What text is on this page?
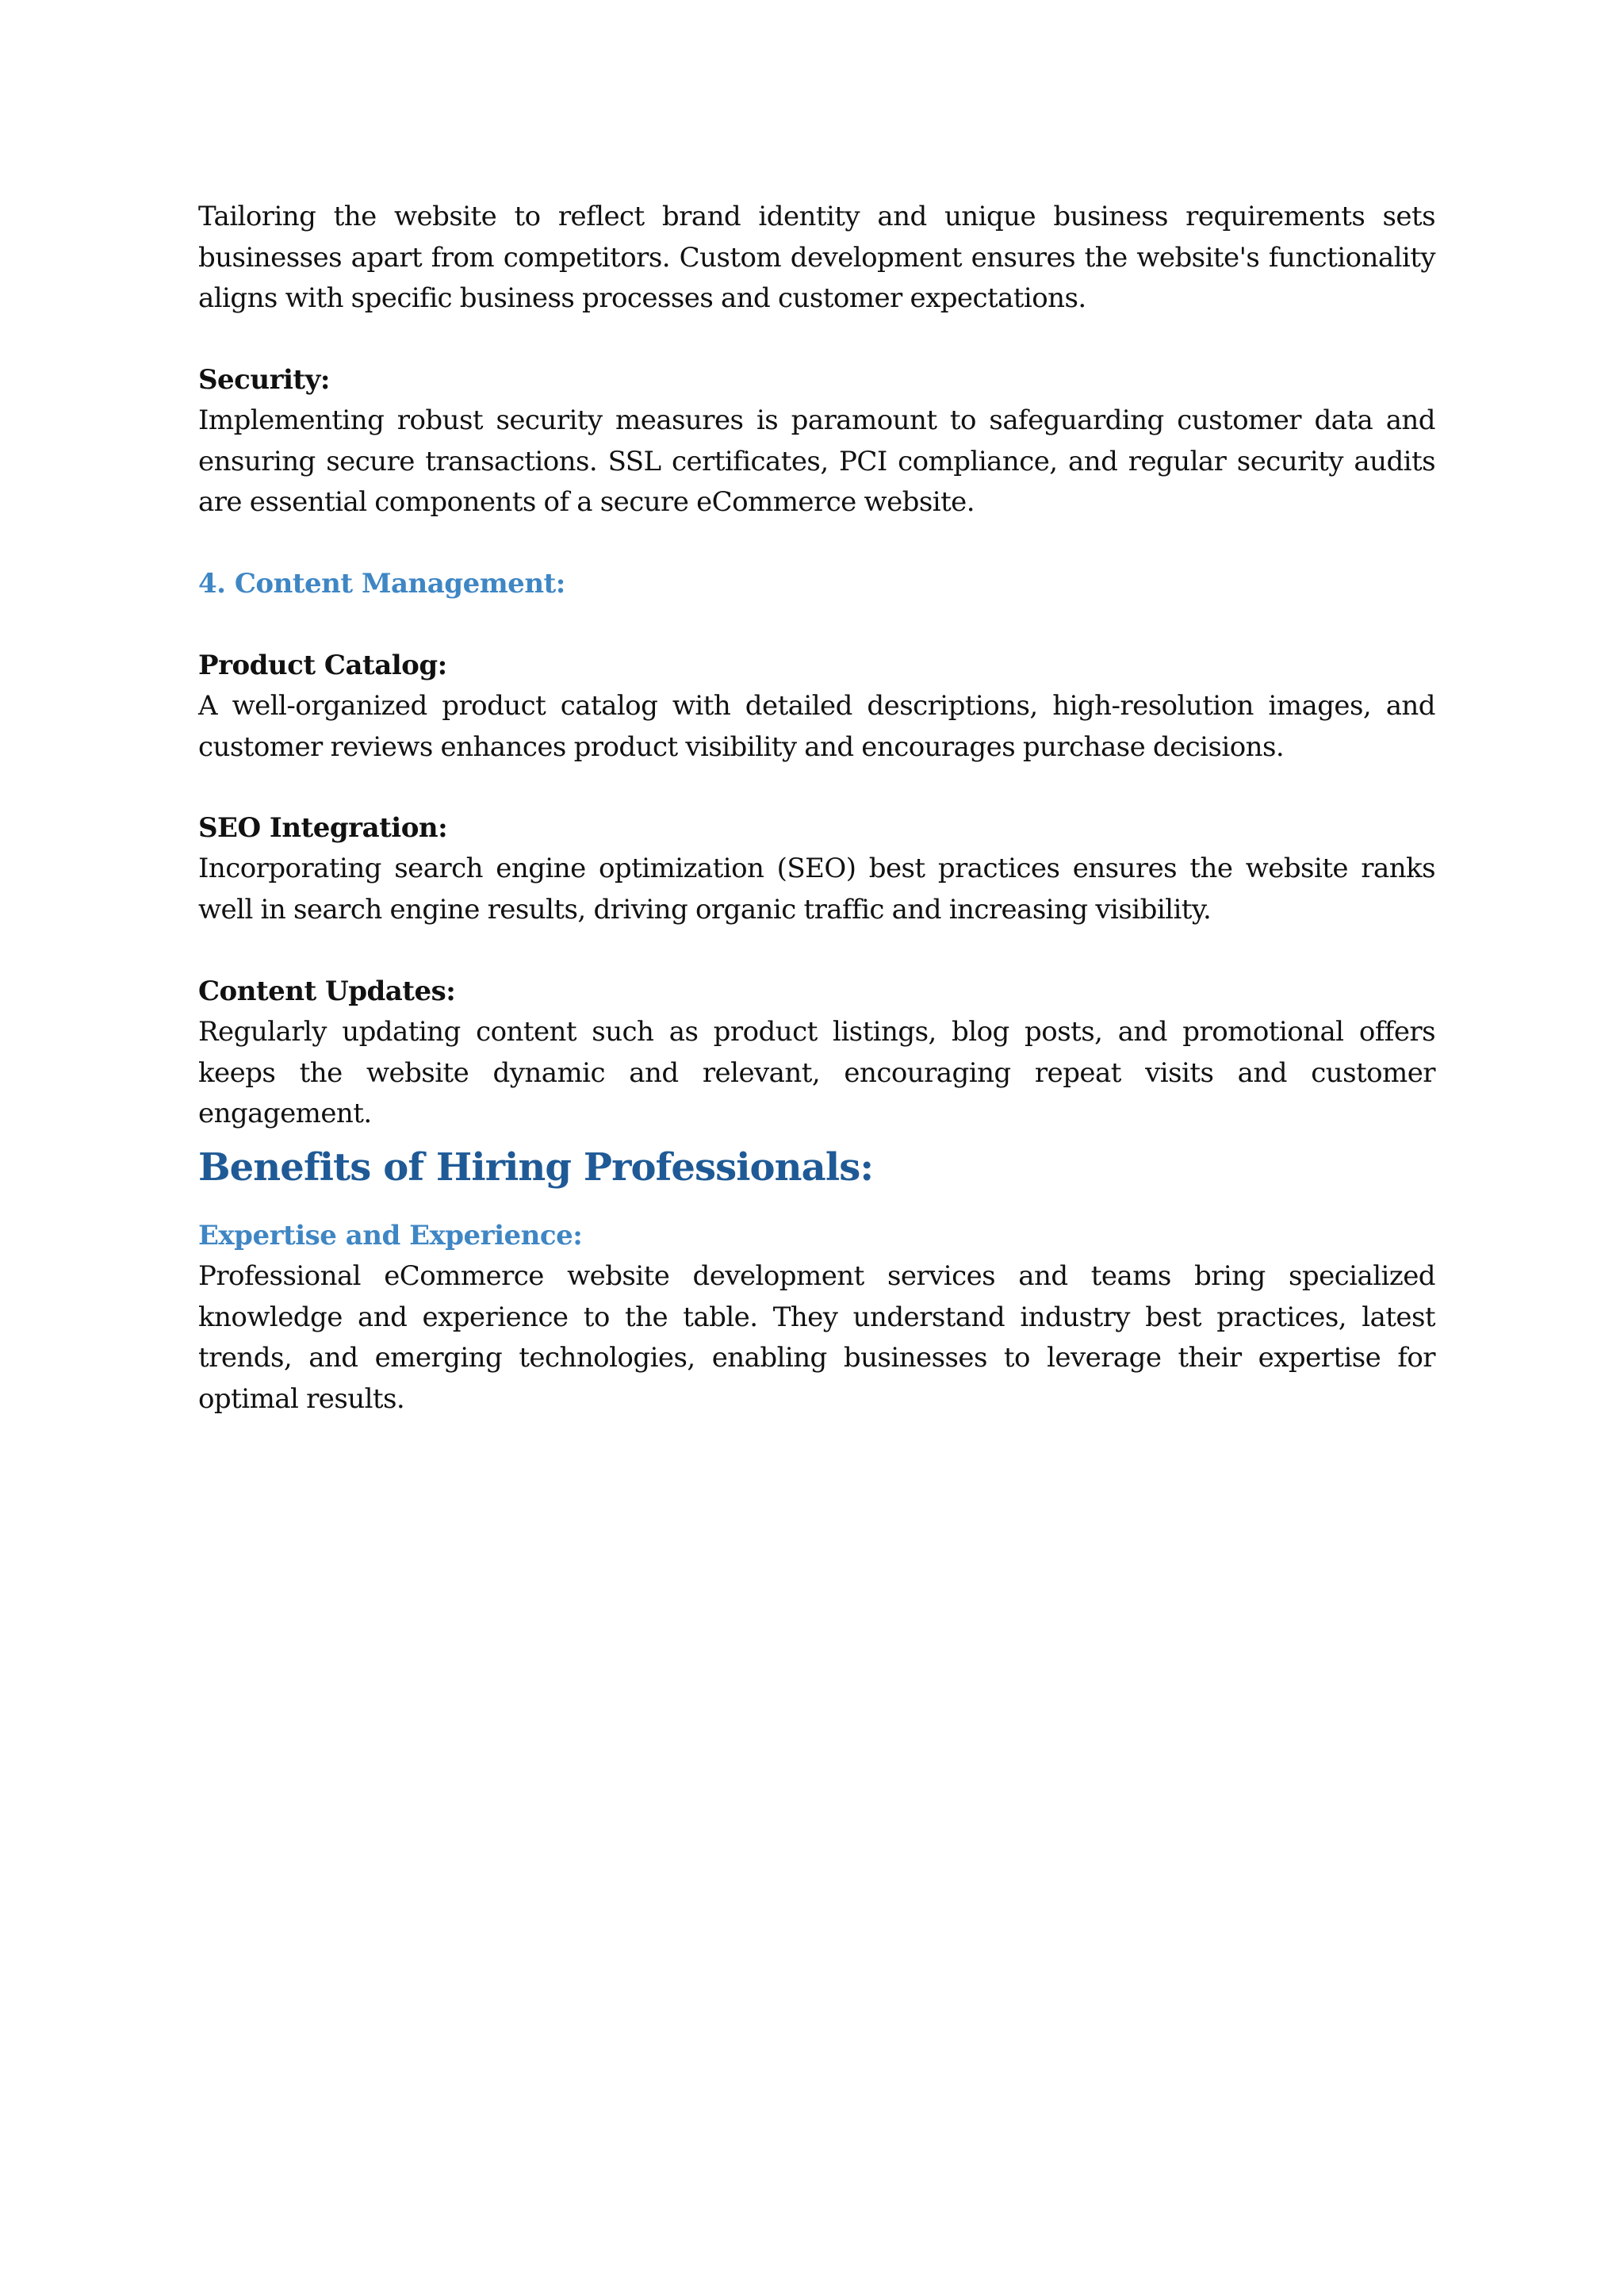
Tailoring the website to reflect brand identity and unique business requirements sets businesses apart from competitors. Custom development ensures the website's functionality aligns with specific business processes and customer expectations.

Security:

Implementing robust security measures is paramount to safeguarding customer data and ensuring secure transactions. SSL certificates, PCI compliance, and regular security audits are essential components of a secure eCommerce website.

4. Content Management:

Product Catalog:

A well-organized product catalog with detailed descriptions, high-resolution images, and customer reviews enhances product visibility and encourages purchase decisions.

SEO Integration:

Incorporating search engine optimization (SEO) best practices ensures the website ranks well in search engine results, driving organic traffic and increasing visibility.

Content Updates:

Regularly updating content such as product listings, blog posts, and promotional offers keeps the website dynamic and relevant, encouraging repeat visits and customer engagement.

Benefits of Hiring Professionals:

Expertise and Experience:

Professional eCommerce website development services and teams bring specialized knowledge and experience to the table. They understand industry best practices, latest trends, and emerging technologies, enabling businesses to leverage their expertise for optimal results.
